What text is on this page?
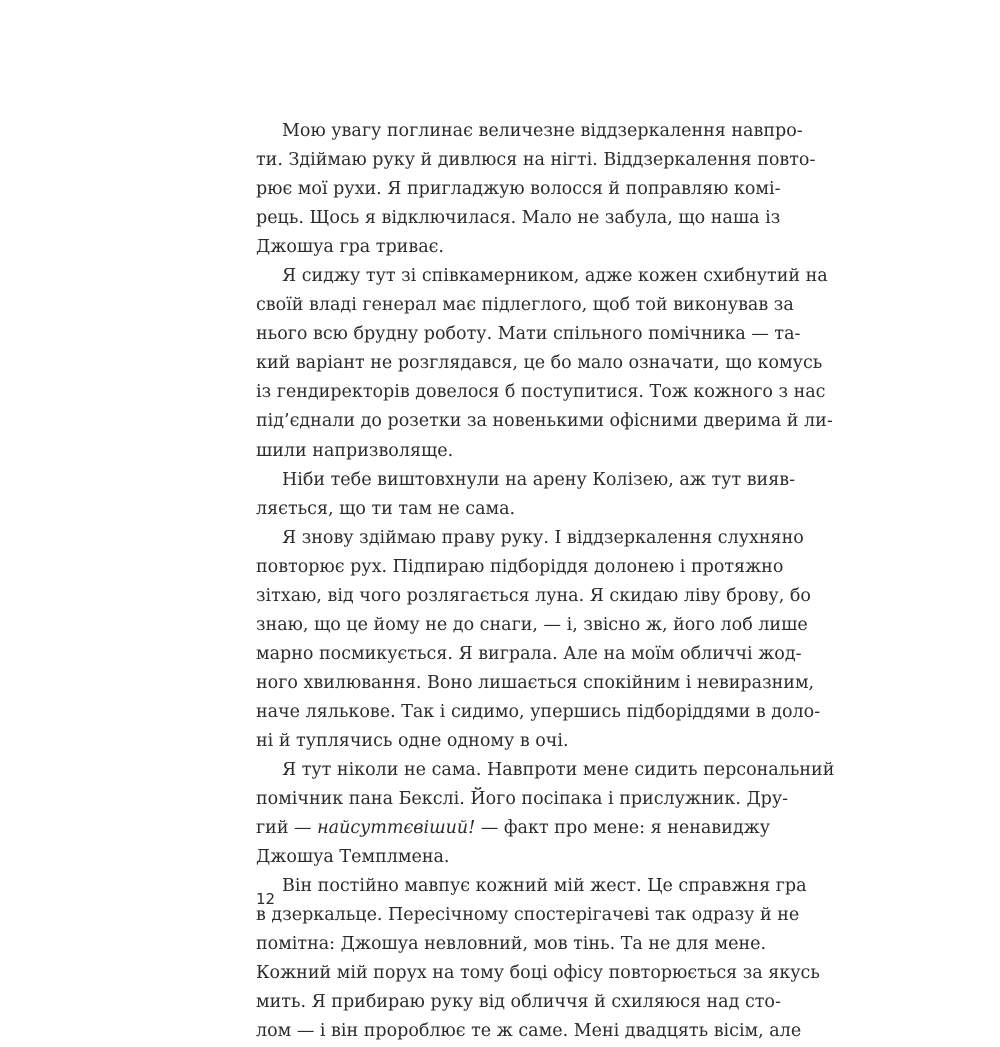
Мою увагу поглинає величезне віддзеркалення навпро-
ти. Здіймаю руку й дивлюся на нігті. Віддзеркалення повто-
рює мої рухи. Я пригладжую волосся й поправляю комі-
рець. Щось я відключилася. Мало не забула, що наша із
Джошуа гра триває.
Я сиджу тут зі співкамерником, адже кожен схибнутий на
своїй владі генерал має підлеглого, щоб той виконував за
нього всю брудну роботу. Мати спільного помічника — та-
кий варіант не розглядався, це бо мало означати, що комусь
із гендиректорів довелося б поступитися. Тож кожного з нас
під’єднали до розетки за новенькими офісними дверима й ли-
шили напризволяще.
Ніби тебе виштовхнули на арену Колізею, аж тут вияв-
ляється, що ти там не сама.
Я знову здіймаю праву руку. І віддзеркалення слухняно
повторює рух. Підпираю підборіддя долонею і протяжно
зітхаю, від чого розлягається луна. Я скидаю ліву брову, бо
знаю, що це йому не до снаги, — і, звісно ж, його лоб лише
марно посмикується. Я виграла. Але на моїм обличчі жод-
ного хвилювання. Воно лишається спокійним і невиразним,
наче лялькове. Так і сидимо, упершись підборіддями в доло-
ні й туплячись одне одному в очі.
Я тут ніколи не сама. Навпроти мене сидить персональний
помічник пана Бекслі. Його посіпака і прислужник. Дру-
гий — найсуттєвіший! — факт про мене: я ненавиджу
Джошуа Темплмена.
Він постійно мавпує кожний мій жест. Це справжня гра
в дзеркальце. Пересічному спостерігачеві так одразу й не
помітна: Джошуа невловний, мов тінь. Та не для мене.
Кожний мій порух на тому боці офісу повторюється за якусь
мить. Я прибираю руку від обличчя й схиляюся над сто-
лом — і він пророблює те ж саме. Мені двадцять вісім, але
12
